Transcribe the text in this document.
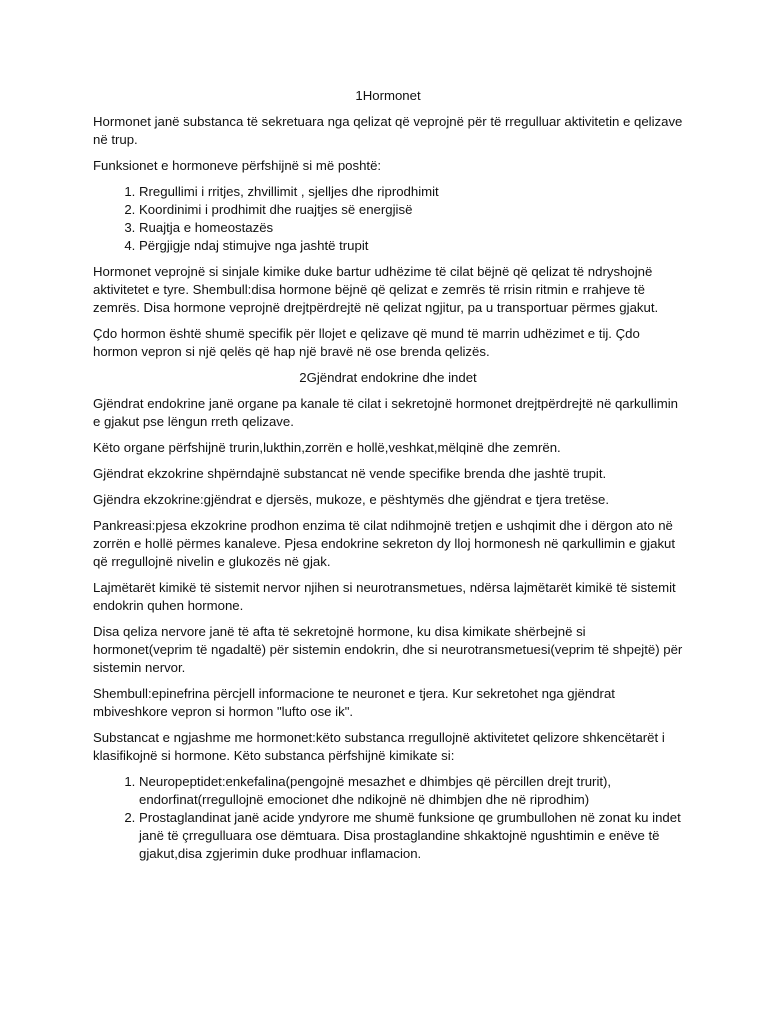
1Hormonet

Hormonet janë substanca të sekretuara nga qelizat që veprojnë për të rregulluar aktivitetin e qelizave në trup.

Funksionet e hormoneve përfshijnë si më poshtë:

1. Rregullimi i rritjes, zhvillimit , sjelljes dhe riprodhimit
2. Koordinimi i prodhimit dhe ruajtjes së energjisë
3. Ruajtja e homeostazës
4. Përgjigje ndaj stimujve nga jashtë trupit

Hormonet veprojnë si sinjale kimike duke bartur udhëzime të cilat bëjnë që qelizat të ndryshojnë aktivitetet e tyre. Shembull:disa hormone bëjnë që qelizat e zemrës të rrisin ritmin e rrahjeve të zemrës. Disa hormone veprojnë drejtpërdrejtë në qelizat ngjitur, pa u transportuar përmes gjakut.

Çdo hormon është shumë specifik për llojet e qelizave që mund të marrin udhëzimet e tij. Çdo hormon vepron si një qelës që hap një bravë në ose brenda qelizës.

2Gjëndrat endokrine dhe indet

Gjëndrat endokrine janë organe pa kanale të cilat i sekretojnë hormonet drejtpërdrejtë në qarkullimin e gjakut pse lëngun rreth qelizave.

Këto organe përfshijnë trurin,lukthin,zorrën e hollë,veshkat,mëlqinë dhe zemrën.

Gjëndrat ekzokrine shpërndajnë substancat në vende specifike brenda dhe jashtë trupit.

Gjëndra ekzokrine:gjëndrat e djersës, mukoze, e pështymës dhe gjëndrat e tjera tretëse.

Pankreasi:pjesa ekzokrine prodhon enzima të cilat ndihmojnë tretjen e ushqimit dhe i dërgon ato në zorrën e hollë përmes kanaleve. Pjesa endokrine sekreton dy lloj hormonesh në qarkullimin e gjakut që rregullojnë nivelin e glukozës në gjak.

Lajmëtarët kimikë të sistemit nervor njihen si neurotransmetues, ndërsa lajmëtarët kimikë të sistemit endokrin quhen hormone.

Disa qeliza nervore janë të afta të sekretojnë hormone, ku disa kimikate shërbejnë si hormonet(veprim të ngadaltë) për sistemin endokrin, dhe si neurotransmetuesi(veprim të shpejtë) për sistemin nervor.

Shembull:epinefrina përcjell informacione te neuronet e tjera. Kur sekretohet nga gjëndrat mbiveshkore vepron si hormon "lufto ose ik".

Substancat e ngjashme me hormonet:këto substanca rregullojnë aktivitetet qelizore shkencëtarët i klasifikojnë si hormone. Këto substanca përfshijnë kimikate si:

1. Neuropeptidet:enkefalina(pengojnë mesazhet e dhimbjes që përcillen drejt trurit), endorfinat(rregullojnë emocionet dhe ndikojnë në dhimbjen dhe në riprodhim)
2. Prostaglandinat janë acide yndyrore me shumë funksione qe grumbullohen në zonat ku indet janë të çrregulluara ose dëmtuara. Disa prostaglandine shkaktojnë ngushtimin e enëve të gjakut,disa zgjerimin duke prodhuar inflamacion.
